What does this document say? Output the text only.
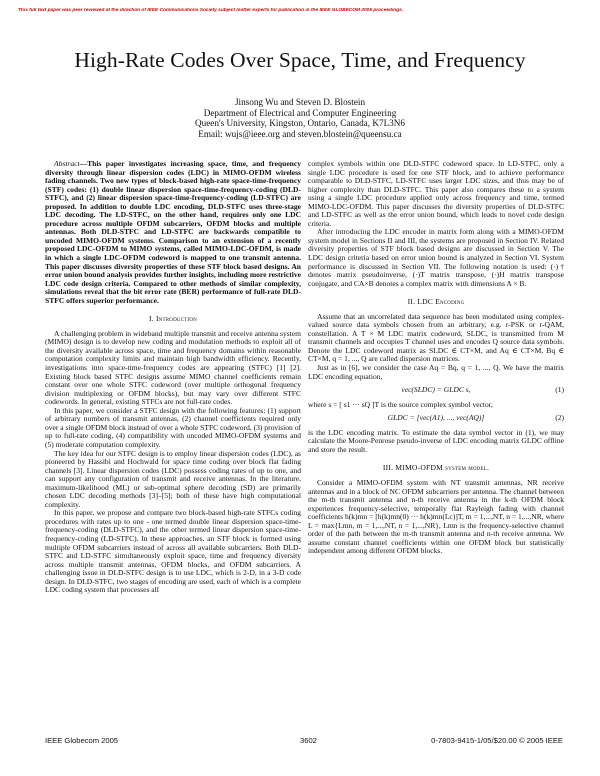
This full text paper was peer reviewed at the direction of IEEE Communications Society subject matter experts for publication in the IEEE GLOBECOM 2005 proceedings.
High-Rate Codes Over Space, Time, and Frequency
Jinsong Wu and Steven D. Blostein
Department of Electrical and Computer Engineering
Queen's University, Kingston, Ontario, Canada, K7L3N6
Email: wujs@ieee.org and steven.blostein@queensu.ca

Abstract—This paper investigates increasing space, time, and frequency diversity through linear dispersion codes (LDC) in MIMO-OFDM wireless fading channels. Two new types of block-based high-rate space-time-frequency (STF) codes: (1) double linear dispersion space-time-frequency-coding (DLD-STFC), and (2) linear dispersion space-time-frequency-coding (LD-STFC) are proposed. In addition to double LDC encoding, DLD-STFC uses three-stage LDC decoding. The LD-STFC, on the other hand, requires only one LDC procedure across multiple OFDM subcarriers, OFDM blocks and multiple antennas. Both DLD-STFC and LD-STFC are backwards compatible to uncoded MIMO-OFDM systems. Comparison to an extension of a recently proposed LDC-OFDM to MIMO systems, called MIMO-LDC-OFDM, is made in which a single LDC-OFDM codeword is mapped to one transmit antenna. This paper discusses diversity properties of these STF block based designs. An error union bound analysis provides further insights, including more restrictive LDC code design criteria. Compared to other methods of similar complexity, simulations reveal that the bit error rate (BER) performance of full-rate DLD-STFC offers superior performance.

I. Introduction

A challenging problem in wideband multiple transmit and receive antenna system (MIMO) design is to develop new coding and modulation methods to exploit all of the diversity available across space, time and frequency domains within reasonable computation complexity limits and maintain high bandwidth efficiency. Recently, investigations into space-time-frequency codes are appearing (STFC) [1] [2]. Existing block based STFC designs assume MIMO channel coefficients remain constant over one whole STFC codeword (over multiple orthogonal frequency division multiplexing or OFDM blocks), but may vary over different STFC codewords. In general, existing STFCs are not full-rate codes.

In this paper, we consider a STFC design with the following features: (1) support of arbitrary numbers of transmit antennas, (2) channel coefficients required only over a single OFDM block instead of over a whole STFC codeword, (3) provision of up to full-rate coding, (4) compatibility with uncoded MIMO-OFDM systems and (5) moderate computation complexity.

The key idea for our STFC design is to employ linear dispersion codes (LDC), as pioneered by Hassibi and Hochwald for space time coding over block flat fading channels [3]. Linear dispersion codes (LDC) possess coding rates of up to one, and can support any configuration of transmit and receive antennas. In the literature, maximum-likelihood (ML) or sub-optimal sphere decoding (SD) are primarily chosen LDC decoding methods [3]–[5]; both of these have high computational complexity.

In this paper, we propose and compare two block-based high-rate STFCs coding procedures with rates up to one - one termed double linear dispersion space-time-frequency-coding (DLD-STFC), and the other termed linear dispersion space-time-frequency-coding (LD-STFC). In these approaches, an STF block is formed using multiple OFDM subcarriers instead of across all available subcarriers. Both DLD-STFC and LD-STFC simultaneously exploit space, time and frequency diversity across multiple transmit antennas, OFDM blocks, and OFDM subcarriers. A challenging issue in DLD-STFC design is to use LDC, which is 2-D, in a 3-D code design. In DLD-STFC, two stages of encoding are used, each of which is a complete LDC coding system that processes all

complex symbols within one DLD-STFC codeword space. In LD-STFC, only a single LDC procedure is used for one STF block, and to achieve performance comparable to DLD-STFC, LD-STFC uses larger LDC sizes, and thus may be of higher complexity than DLD-STFC. This paper also compares these to a system using a single LDC procedure applied only across frequency and time, termed MIMO-LDC-OFDM. This paper discusses the diversity properties of DLD-STFC and LD-STFC as well as the error union bound, which leads to novel code design criteria.

After introducing the LDC encoder in matrix form along with a MIMO-OFDM system model in Sections II and III, the systems are proposed in Section IV. Related diversity properties of STF block based designs are discussed in Section V. The LDC design criteria based on error union bound is analyzed in Section VI. System performance is discussed in Section VII. The following notation is used: (·)† denotes matrix pseudoinverse, (·)T matrix transpose, (·)H matrix transpose conjugate, and CA×B denotes a complex matrix with dimensions A × B.

II. LDC Encoding

Assume that an uncorrelated data sequence has been modulated using complex-valued source data symbols chosen from an arbitrary, e.g. r-PSK or r-QAM, constellation. A T × M LDC matrix codeword, SLDC, is transmitted from M transmit channels and occupies T channel uses and encodes Q source data symbols. Denote the LDC codeword matrix as SLDC ∈ CT×M, and Aq ∈ CT×M, Bq ∈ CT×M, q = 1, ..., Q are called dispersion matrices.

Just as in [6], we consider the case Aq = Bq, q = 1, ..., Q. We have the matrix LDC encoding equation,

vec(SLDC) = GLDC s,	(1)

where s = [ s1 ··· sQ ]T is the source complex symbol vector,

GLDC = [vec(A1), ..., vec(AQ)]	(2)

is the LDC encoding matrix. To estimate the data symbol vector in (1), we may calculate the Moore-Penrose pseudo-inverse of LDC encoding matrix GLDC offline and store the result.

III. MIMO-OFDM system model.

Consider a MIMO-OFDM system with NT transmit antennas, NR receive antennas and in a block of NC OFDM subcarriers per antenna. The channel between the m-th transmit antenna and n-th receive antenna in the k-th OFDM block experiences frequency-selective, temporally flat Rayleigh fading with channel coefficients h(k)mn = [h(k)mn(0) ··· h(k)mn(Lc)]T, m = 1,...,NT, n = 1,...,NR, where L = max{Lmn, m = 1,...,NT, n = 1,...,NR}, Lmn is the frequency-selective channel order of the path between the m-th transmit antenna and n-th receive antenna. We assume constant channel coefficients within one OFDM block but statistically independent among different OFDM blocks.

IEEE Globecom 2005	3602	0-7803-9415-1/05/$20.00 © 2005 IEEE
